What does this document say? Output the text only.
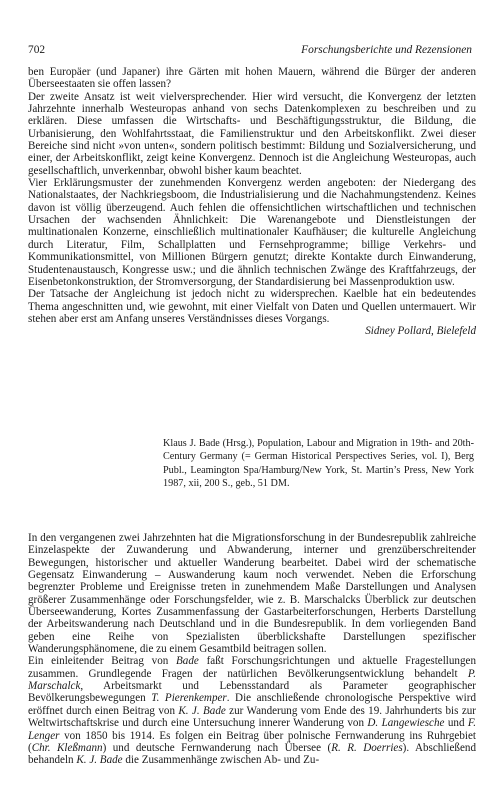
702	Forschungsberichte und Rezensionen

ben Europäer (und Japaner) ihre Gärten mit hohen Mauern, während die Bürger der anderen Überseestaaten sie offen lassen?

Der zweite Ansatz ist weit vielversprechender. Hier wird versucht, die Konvergenz der letzten Jahrzehnte innerhalb Westeuropas anhand von sechs Datenkomplexen zu beschreiben und zu erklären. Diese umfassen die Wirtschafts- und Beschäftigungsstruktur, die Bildung, die Urbanisierung, den Wohlfahrtsstaat, die Familienstruktur und den Arbeitskonflikt. Zwei dieser Bereiche sind nicht »von unten«, sondern politisch bestimmt: Bildung und Sozialversicherung, und einer, der Arbeitskonflikt, zeigt keine Konvergenz. Dennoch ist die Angleichung Westeuropas, auch gesellschaftlich, unverkennbar, obwohl bisher kaum beachtet.

Vier Erklärungsmuster der zunehmenden Konvergenz werden angeboten: der Niedergang des Nationalstaates, der Nachkriegsboom, die Industrialisierung und die Nachahmungstendenz. Keines davon ist völlig überzeugend. Auch fehlen die offensichtlichen wirtschaftlichen und technischen Ursachen der wachsenden Ähnlichkeit: Die Warenangebote und Dienstleistungen der multinationalen Konzerne, einschließlich multinationaler Kaufhäuser; die kulturelle Angleichung durch Literatur, Film, Schallplatten und Fernsehprogramme; billige Verkehrs- und Kommunikationsmittel, von Millionen Bürgern genutzt; direkte Kontakte durch Einwanderung, Studentenaustausch, Kongresse usw.; und die ähnlich technischen Zwänge des Kraftfahrzeugs, der Eisenbetonkonstruktion, der Stromversorgung, der Standardisierung bei Massenproduktion usw.

Der Tatsache der Angleichung ist jedoch nicht zu widersprechen. Kaelble hat ein bedeutendes Thema angeschnitten und, wie gewohnt, mit einer Vielfalt von Daten und Quellen untermauert. Wir stehen aber erst am Anfang unseres Verständnisses dieses Vorgangs.

Sidney Pollard, Bielefeld

Klaus J. Bade (Hrsg.), Population, Labour and Migration in 19th- and 20th-Century Germany (= German Historical Perspectives Series, vol. I), Berg Publ., Leamington Spa/Hamburg/New York, St. Martin’s Press, New York 1987, xii, 200 S., geb., 51 DM.

In den vergangenen zwei Jahrzehnten hat die Migrationsforschung in der Bundesrepublik zahlreiche Einzelaspekte der Zuwanderung und Abwanderung, interner und grenzüberschreitender Bewegungen, historischer und aktueller Wanderung bearbeitet. Dabei wird der schematische Gegensatz Einwanderung – Auswanderung kaum noch verwendet. Neben die Erforschung begrenzter Probleme und Ereignisse treten in zunehmendem Maße Darstellungen und Analysen größerer Zusammenhänge oder Forschungsfelder, wie z. B. Marschalcks Überblick zur deutschen Überseewanderung, Kortes Zusammenfassung der Gastarbeiterforschungen, Herberts Darstellung der Arbeitswanderung nach Deutschland und in die Bundesrepublik. In dem vorliegenden Band geben eine Reihe von Spezialisten überblickshafte Darstellungen spezifischer Wanderungsphänomene, die zu einem Gesamtbild beitragen sollen.

Ein einleitender Beitrag von Bade faßt Forschungsrichtungen und aktuelle Fragestellungen zusammen. Grundlegende Fragen der natürlichen Bevölkerungsentwicklung behandelt P. Marschalck, Arbeitsmarkt und Lebensstandard als Parameter geographischer Bevölkerungsbewegungen T. Pierenkemper. Die anschließende chronologische Perspektive wird eröffnet durch einen Beitrag von K. J. Bade zur Wanderung vom Ende des 19. Jahrhunderts bis zur Weltwirtschaftskrise und durch eine Untersuchung innerer Wanderung von D. Langewiesche und F. Lenger von 1850 bis 1914. Es folgen ein Beitrag über polnische Fernwanderung ins Ruhrgebiet (Chr. Kleßmann) und deutsche Fernwanderung nach Übersee (R. R. Doerries). Abschließend behandeln K. J. Bade die Zusammenhänge zwischen Ab- und Zu-
